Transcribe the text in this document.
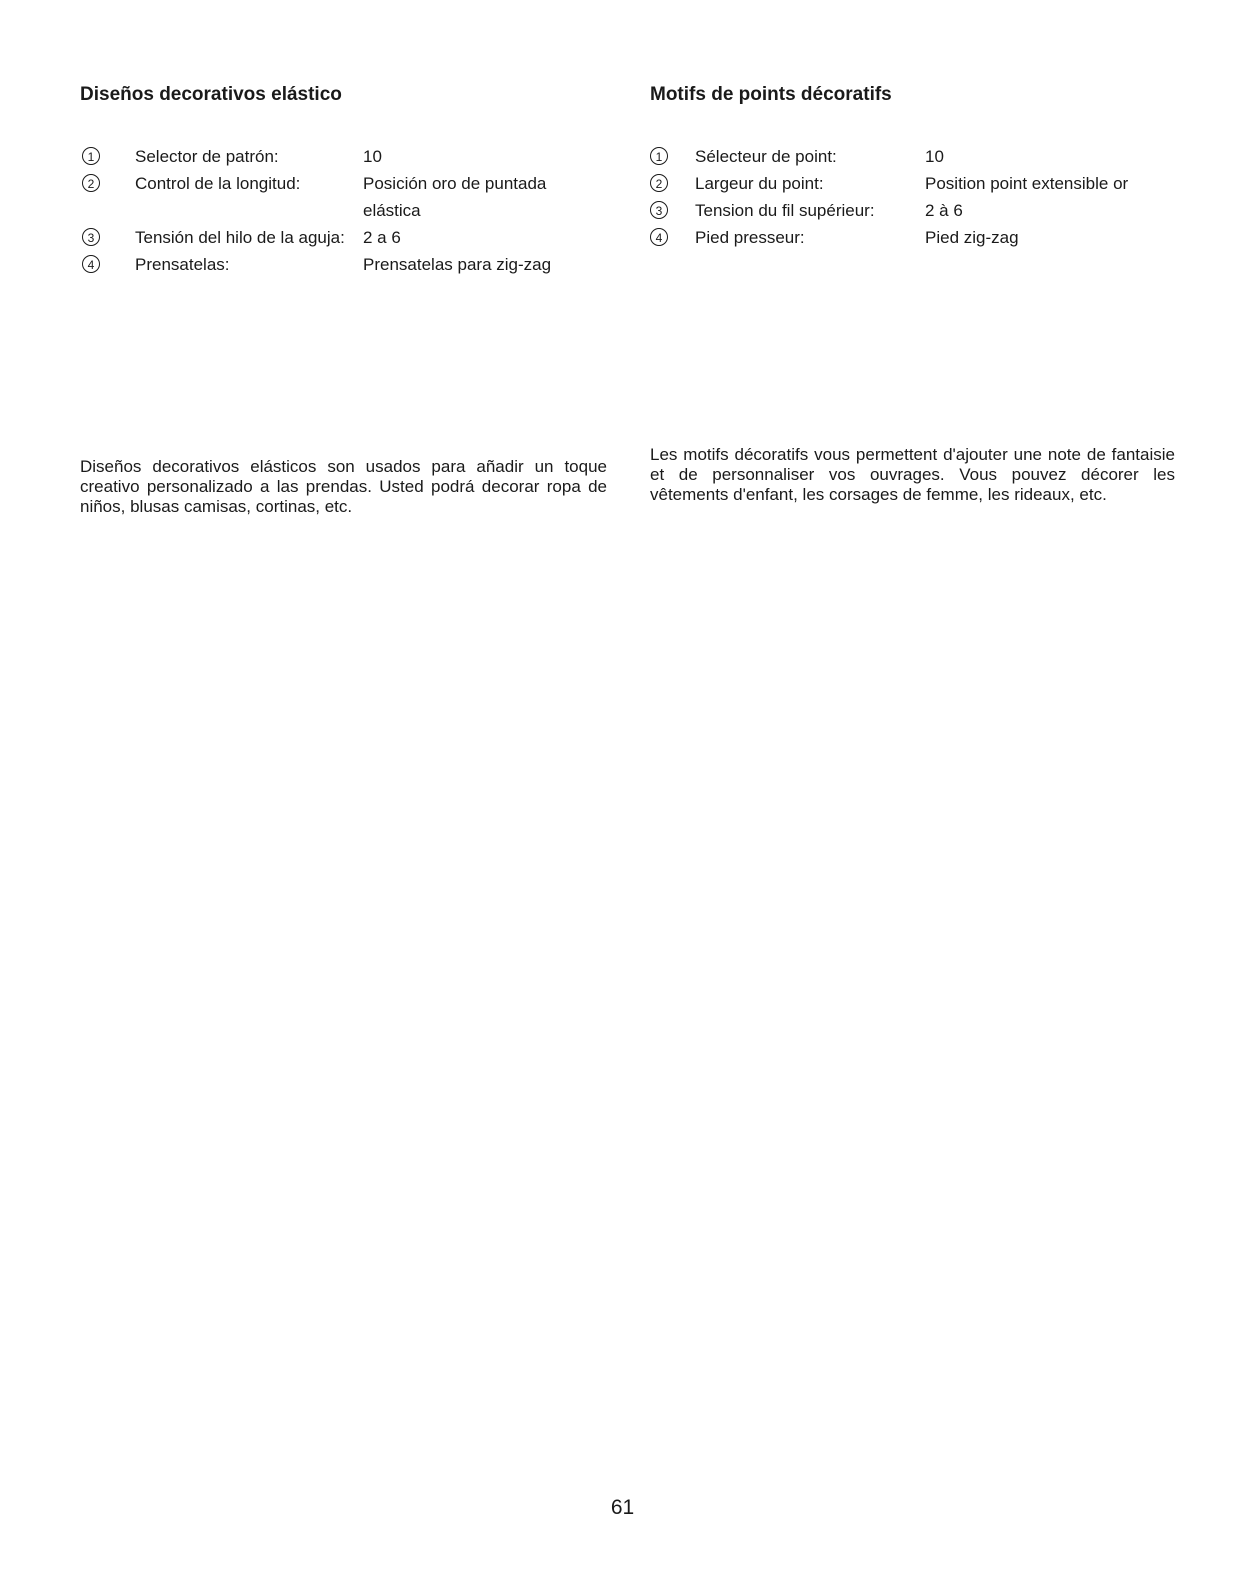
Diseños decorativos elástico
1	Selector de patrón:	10
2	Control de la longitud:	Posición oro de puntada elástica
3	Tensión del hilo de la aguja: 2 a 6
4	Prensatelas:	Prensatelas para zig-zag

Diseños decorativos elásticos son usados para añadir un toque creativo personalizado a las prendas. Usted podrá decorar ropa de niños, blusas camisas, cortinas, etc.

Motifs de points décoratifs
1	Sélecteur de point:	10
2	Largeur du point:	Position point extensible or
3	Tension du fil supérieur:	2 à 6
4	Pied presseur:	Pied zig-zag

Les motifs décoratifs vous permettent d'ajouter une note de fantaisie et de personnaliser vos ouvrages. Vous pouvez décorer les vêtements d'enfant, les corsages de femme, les rideaux, etc.

61
